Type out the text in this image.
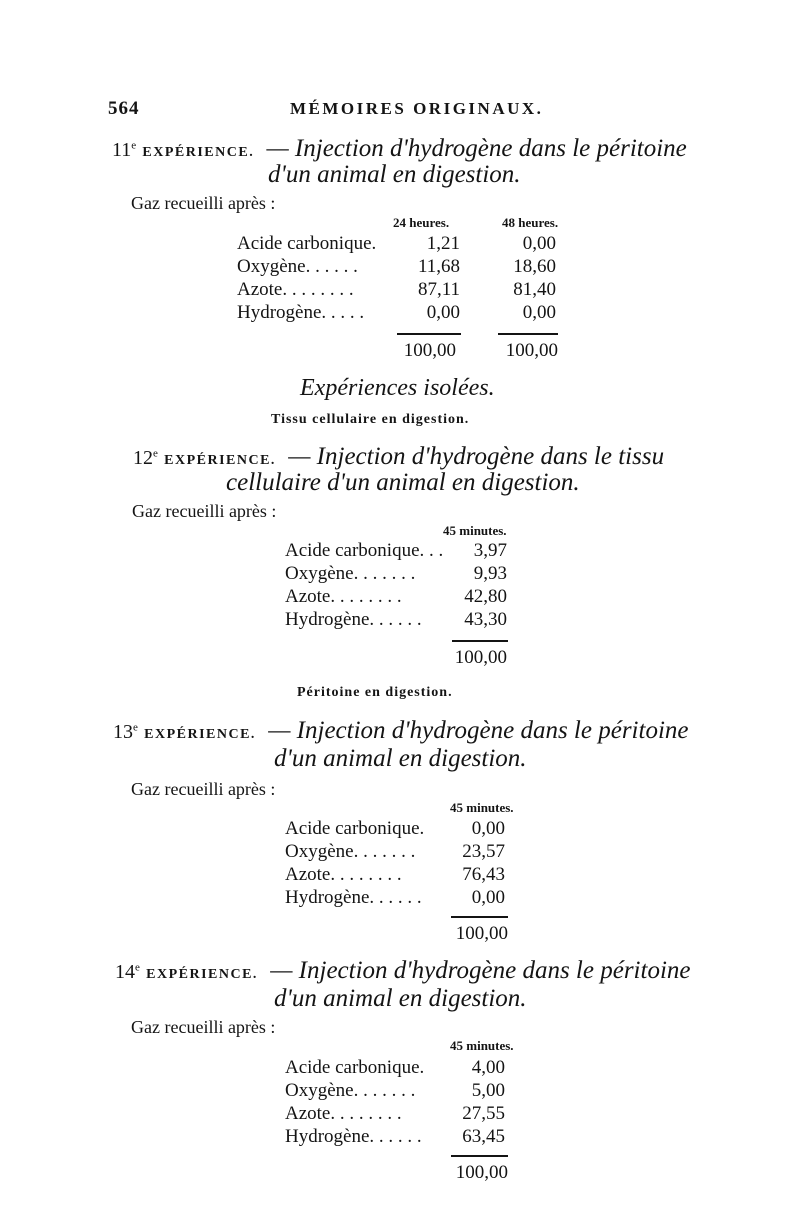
564	MÉMOIRES ORIGINAUX.
11e EXPÉRIENCE. — Injection d'hydrogène dans le péritoine
d'un animal en digestion.
Gaz recueilli après :
24 heures.	48 heures.
Acide carbonique.	1,21	0,00
Oxygène. . . . . .	11,68	18,60
Azote. . . . . . . .	87,11	81,40
Hydrogène. . . . .	0,00	0,00
100,00	100,00
Expériences isolées.
Tissu cellulaire en digestion.
12e EXPÉRIENCE. — Injection d'hydrogène dans le tissu
cellulaire d'un animal en digestion.
Gaz recueilli après :
45 minutes.
Acide carbonique. . .	3,97
Oxygène. . . . . . .	9,93
Azote. . . . . . . .	42,80
Hydrogène. . . . . .	43,30
100,00
Péritoine en digestion.
13e EXPÉRIENCE. — Injection d'hydrogène dans le péritoine
d'un animal en digestion.
Gaz recueilli après :
45 minutes.
Acide carbonique.	0,00
Oxygène. . . . . . .	23,57
Azote. . . . . . . .	76,43
Hydrogène. . . . . .	0,00
100,00
14e EXPÉRIENCE. — Injection d'hydrogène dans le péritoine
d'un animal en digestion.
Gaz recueilli après :
45 minutes.
Acide carbonique.	4,00
Oxygène. . . . . . .	5,00
Azote. . . . . . . .	27,55
Hydrogène. . . . . .	63,45
100,00
